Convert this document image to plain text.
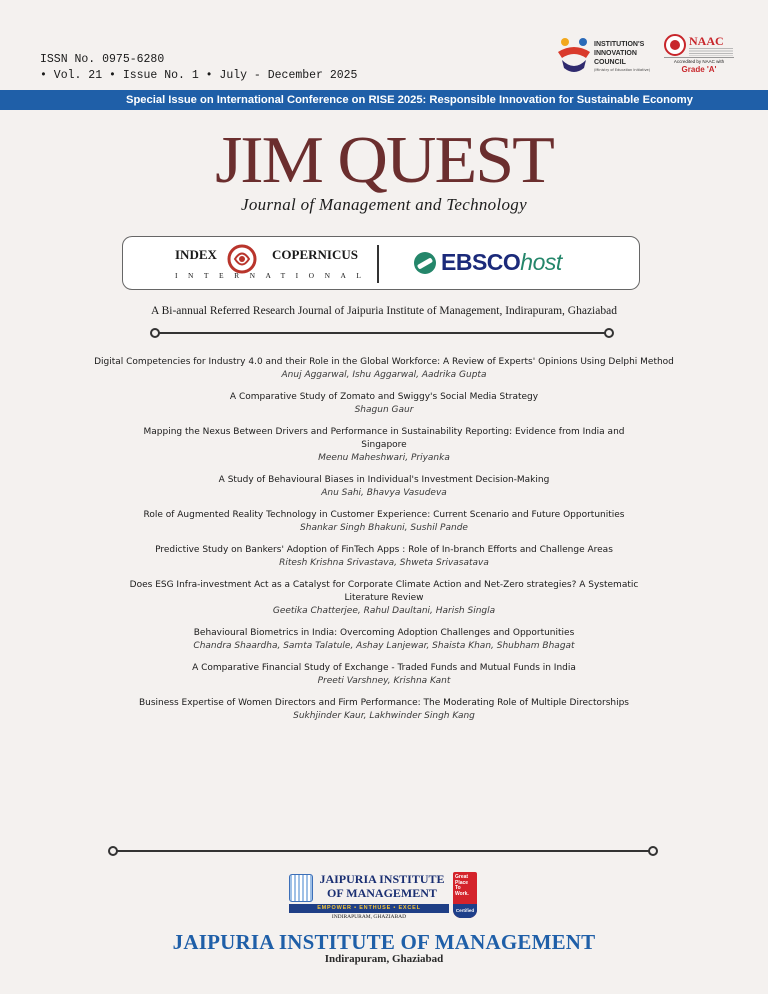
ISSN No. 0975-6280
• Vol. 21 • Issue No. 1 • July - December 2025
INSTITUTION'S
INNOVATION
COUNCIL
(Ministry of Education Initiative)
NAAC
Accredited by NAAC with
Grade 'A'
Special Issue on International Conference on RISE 2025: Responsible Innovation for Sustainable Economy
JIM QUEST
Journal of Management and Technology
INDEX	COPERNICUS
INTERNATIONAL
EBSCOhost
A Bi-annual Referred Research Journal of Jaipuria Institute of Management, Indirapuram, Ghaziabad
Digital Competencies for Industry 4.0 and their Role in the Global Workforce: A Review of Experts' Opinions Using Delphi Method
Anuj Aggarwal, Ishu Aggarwal, Aadrika Gupta
A Comparative Study of Zomato and Swiggy's Social Media Strategy
Shagun Gaur
Mapping the Nexus Between Drivers and Performance in Sustainability Reporting: Evidence from India and Singapore
Meenu Maheshwari, Priyanka
A Study of Behavioural Biases in Individual's Investment Decision-Making
Anu Sahi, Bhavya Vasudeva
Role of Augmented Reality Technology in Customer Experience: Current Scenario and Future Opportunities
Shankar Singh Bhakuni, Sushil Pande
Predictive Study on Bankers' Adoption of FinTech Apps : Role of In-branch Efforts and Challenge Areas
Ritesh Krishna Srivastava, Shweta Srivasatava
Does ESG Infra-investment Act as a Catalyst for Corporate Climate Action and Net-Zero strategies? A Systematic Literature Review
Geetika Chatterjee, Rahul Daultani, Harish Singla
Behavioural Biometrics in India: Overcoming Adoption Challenges and Opportunities
Chandra Shaardha, Samta Talatule, Ashay Lanjewar, Shaista Khan, Shubham Bhagat
A Comparative Financial Study of Exchange - Traded Funds and Mutual Funds in India
Preeti Varshney, Krishna Kant
Business Expertise of Women Directors and Firm Performance: The Moderating Role of Multiple Directorships
Sukhjinder Kaur, Lakhwinder Singh Kang
JAIPURIA INSTITUTE
OF MANAGEMENT
EMPOWER • ENTHUSE • EXCEL
INDIRAPURAM, GHAZIABAD
Great
Place
To
Work.
Certified
JAIPURIA INSTITUTE OF MANAGEMENT
Indirapuram, Ghaziabad
